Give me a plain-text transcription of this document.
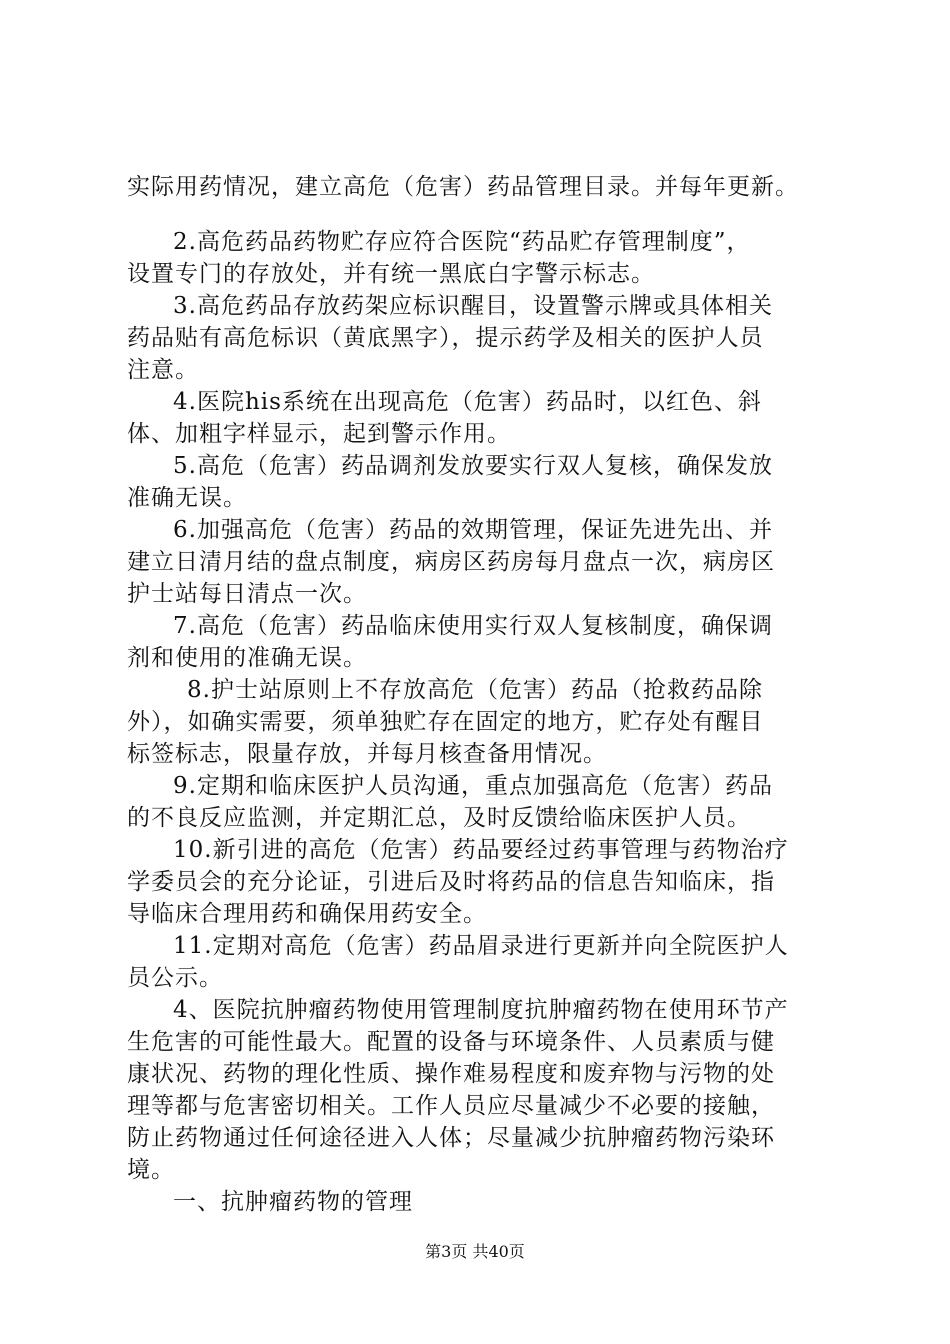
实际用药情况，建立高危（危害）药品管理目录。并每年更新。
2.高危药品药物贮存应符合医院“药品贮存管理制度”，
设置专门的存放处，并有统一黑底白字警示标志。
3.高危药品存放药架应标识醒目，设置警示牌或具体相关
药品贴有高危标识（黄底黑字），提示药学及相关的医护人员
注意。
4.医院his系统在出现高危（危害）药品时，以红色、斜
体、加粗字样显示，起到警示作用。
5.高危（危害）药品调剂发放要实行双人复核，确保发放
准确无误。
6.加强高危（危害）药品的效期管理，保证先进先出、并
建立日清月结的盘点制度，病房区药房每月盘点一次，病房区
护士站每日清点一次。
7.高危（危害）药品临床使用实行双人复核制度，确保调
剂和使用的准确无误。
8.护士站原则上不存放高危（危害）药品（抢救药品除
外），如确实需要，须单独贮存在固定的地方，贮存处有醒目
标签标志，限量存放，并每月核查备用情况。
9.定期和临床医护人员沟通，重点加强高危（危害）药品
的不良反应监测，并定期汇总，及时反馈给临床医护人员。
10.新引进的高危（危害）药品要经过药事管理与药物治疗
学委员会的充分论证，引进后及时将药品的信息告知临床，指
导临床合理用药和确保用药安全。
11.定期对高危（危害）药品眉录进行更新并向全院医护人
员公示。
4、医院抗肿瘤药物使用管理制度抗肿瘤药物在使用环节产
生危害的可能性最大。配置的设备与环境条件、人员素质与健
康状况、药物的理化性质、操作难易程度和废弃物与污物的处
理等都与危害密切相关。工作人员应尽量减少不必要的接触，
防止药物通过任何途径进入人体；尽量减少抗肿瘤药物污染环
境。
一、抗肿瘤药物的管理
第3页 共40页
